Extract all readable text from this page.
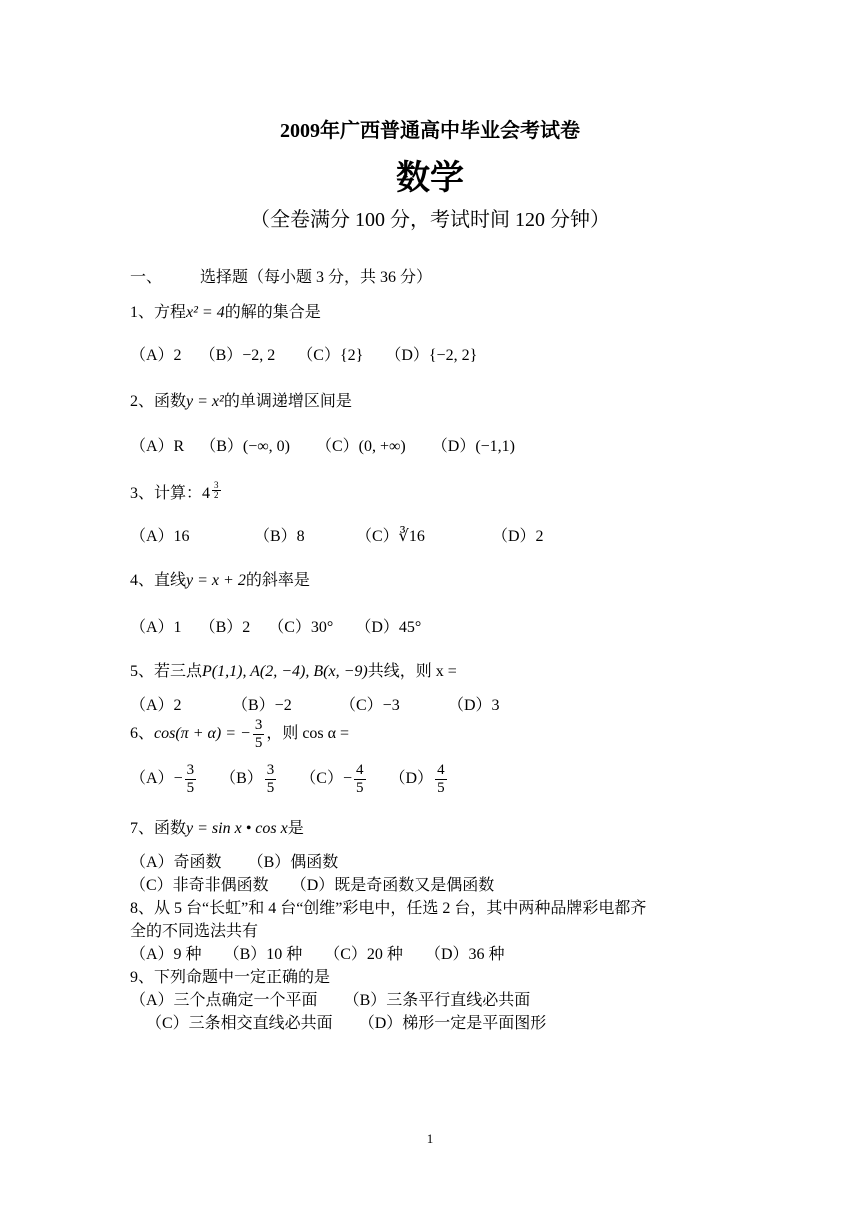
2009年广西普通高中毕业会考试卷
数学
（全卷满分 100 分，考试时间 120 分钟）
一、 选择题（每小题 3 分，共 36 分）
1、方程x² = 4的解的集合是
（A）2 （B）−2, 2 （C）{2} （D）{−2, 2}
2、函数y = x²的单调递增区间是
（A）R （B）(−∞, 0) （C）(0, +∞) （D）(−1,1)
3、计算：$4 \frac{3}{2}$
（A）16	（B）8	（C）∛16	（D）2
4、直线y = x + 2的斜率是
（A）1 （B）2 （C）30° （D）45°
5、若三点P(1,1), A(2, −4), B(x, −9)共线，则 x =
（A）2	（B）−2	（C）−3	（D）3
6、cos(π + α) = − $\frac{3}{5}$ ，则 cos α =
$(A)- \frac{3}{5} (B) \frac{3}{5} (C)- \frac{4}{5} (D) \frac{4}{5}$
7、函数y = sin x • cos x是
（A）奇函数 （B）偶函数
（C）非奇非偶函数 （D）既是奇函数又是偶函数
8、从 5 台“长虹”和 4 台“创维”彩电中，任选 2 台，其中两种品牌彩电都齐
全的不同选法共有
（A）9 种 （B）10 种 （C）20 种 （D）36 种
9、下列命题中一定正确的是
（A）三个点确定一个平面 （B）三条平行直线必共面
（C）三条相交直线必共面 （D）梯形一定是平面图形
1
